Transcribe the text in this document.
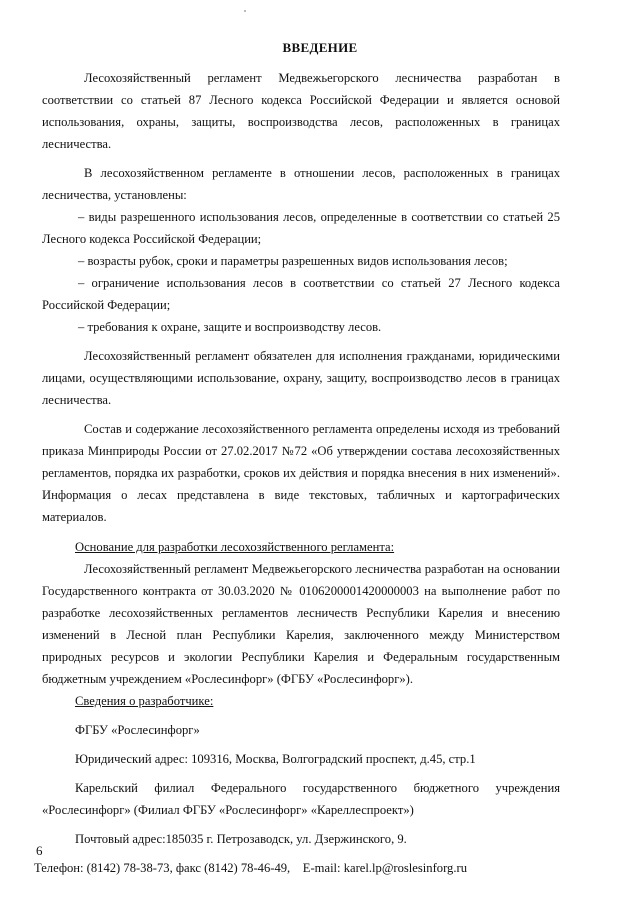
ВВЕДЕНИЕ

Лесохозяйственный регламент Медвежьегорского лесничества разработан в соответствии со статьей 87 Лесного кодекса Российской Федерации и является основой использования, охраны, защиты, воспроизводства лесов, расположенных в границах лесничества.

В лесохозяйственном регламенте в отношении лесов, расположенных в границах лесничества, установлены:

– виды разрешенного использования лесов, определенные в соответствии со статьей 25 Лесного кодекса Российской Федерации;

– возрасты рубок, сроки и параметры разрешенных видов использования лесов;

– ограничение использования лесов в соответствии со статьей 27 Лесного кодекса Российской Федерации;

– требования к охране, защите и воспроизводству лесов.

Лесохозяйственный регламент обязателен для исполнения гражданами, юридическими лицами, осуществляющими использование, охрану, защиту, воспроизводство лесов в границах лесничества.

Состав и содержание лесохозяйственного регламента определены исходя из требований приказа Минприроды России от 27.02.2017 №72 «Об утверждении состава лесохозяйственных регламентов, порядка их разработки, сроков их действия и порядка внесения в них изменений». Информация о лесах представлена в виде текстовых, табличных и картографических материалов.

Основание для разработки лесохозяйственного регламента:

Лесохозяйственный регламент Медвежьегорского лесничества разработан на основании Государственного контракта от 30.03.2020 № 0106200001420000003 на выполнение работ по разработке лесохозяйственных регламентов лесничеств Республики Карелия и внесению изменений в Лесной план Республики Карелия, заключенного между Министерством природных ресурсов и экологии Республики Карелия и Федеральным государственным бюджетным учреждением «Рослесинфорг» (ФГБУ «Рослесинфорг»).

Сведения о разработчике:

ФГБУ «Рослесинфорг»

Юридический адрес: 109316, Москва, Волгоградский проспект, д.45, стр.1

Карельский филиал Федерального государственного бюджетного учреждения «Рослесинфорг» (Филиал ФГБУ «Рослесинфорг» «Кареллеспроект»)

Почтовый адрес:185035 г. Петрозаводск, ул. Дзержинского, 9.

Телефон: (8142) 78-38-73, факс (8142) 78-46-49,    E-mail: karel.lp@roslesinforg.ru

6
